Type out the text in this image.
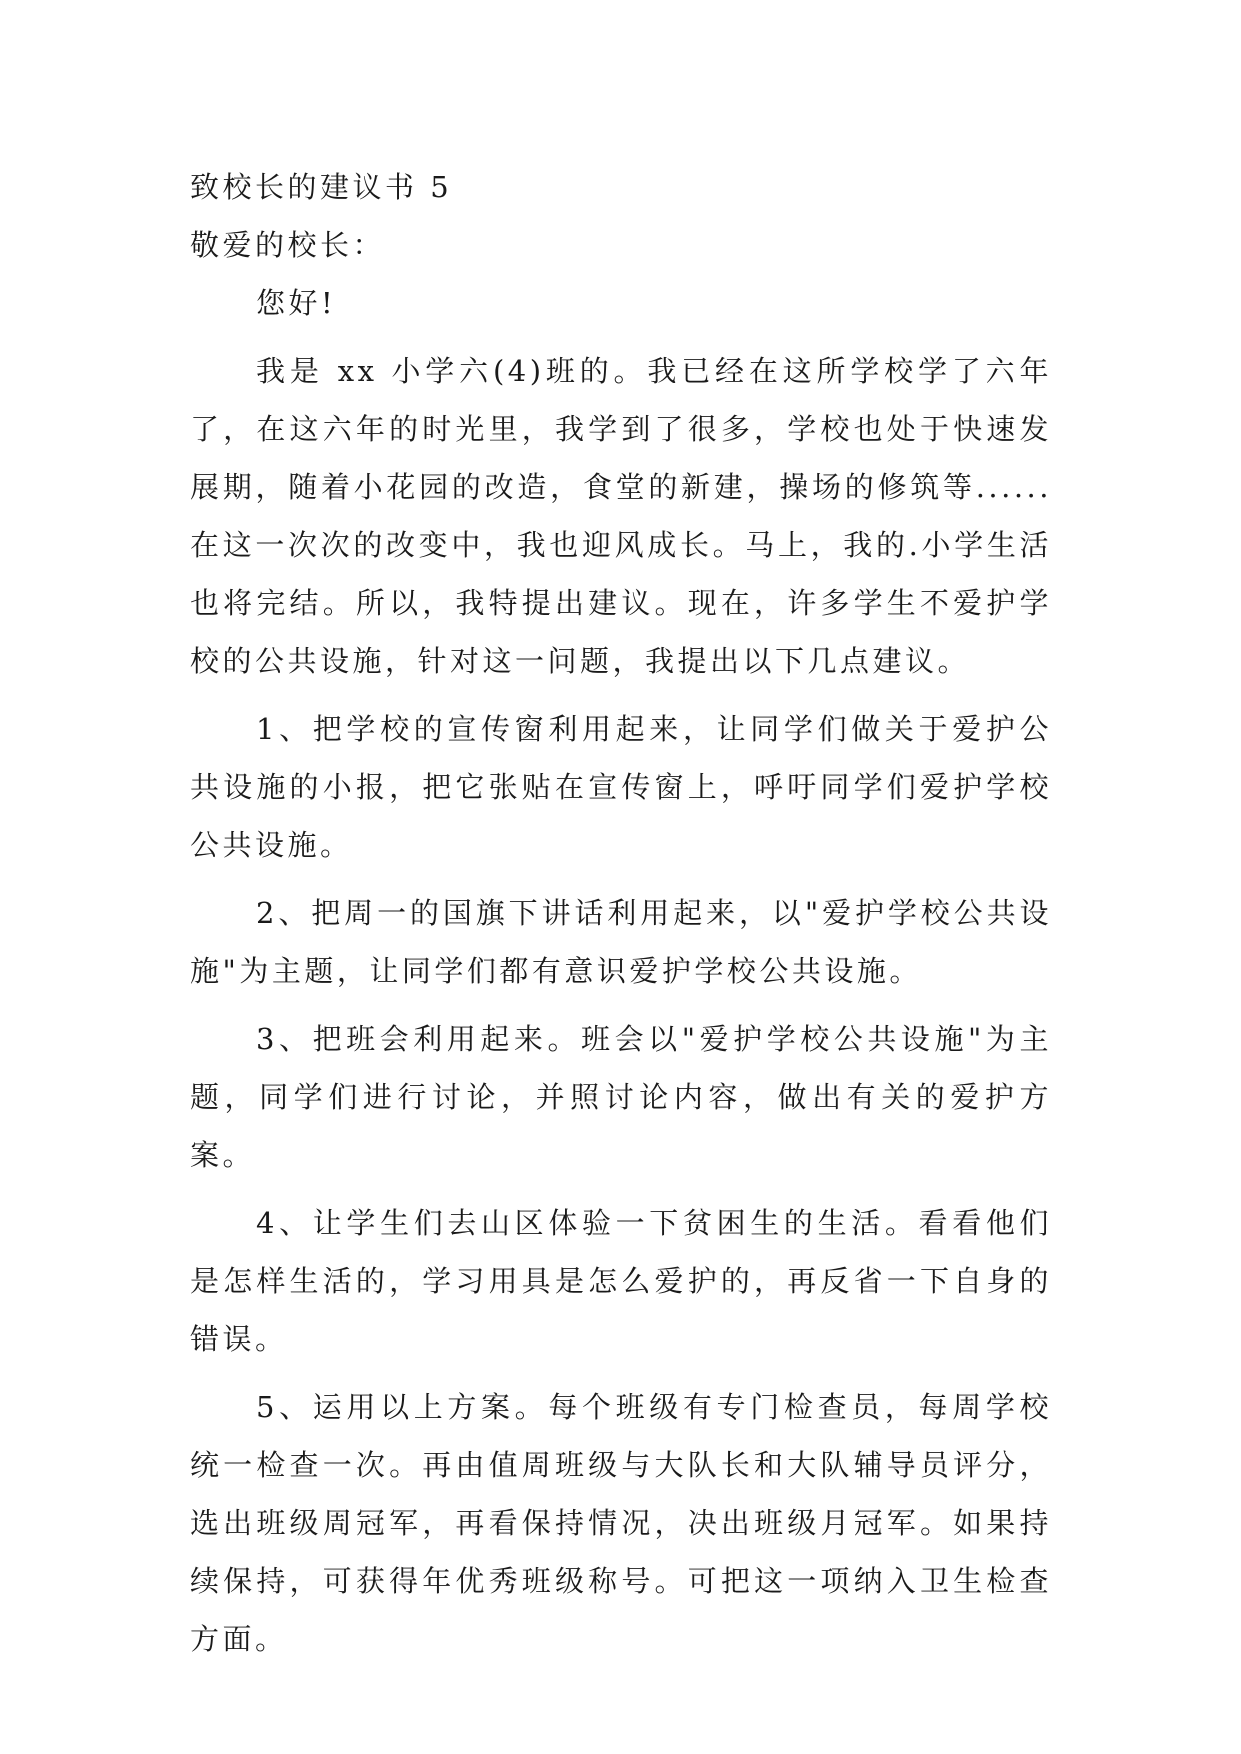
致校长的建议书 5

敬爱的校长：

您好!

我是 xx 小学六(4)班的。我已经在这所学校学了六年了，在这六年的时光里，我学到了很多，学校也处于快速发展期，随着小花园的改造，食堂的新建，操场的修筑等......在这一次次的改变中，我也迎风成长。马上，我的.小学生活也将完结。所以，我特提出建议。现在，许多学生不爱护学校的公共设施，针对这一问题，我提出以下几点建议。

1、把学校的宣传窗利用起来，让同学们做关于爱护公共设施的小报，把它张贴在宣传窗上，呼吁同学们爱护学校公共设施。

2、把周一的国旗下讲话利用起来，以"爱护学校公共设施"为主题，让同学们都有意识爱护学校公共设施。

3、把班会利用起来。班会以"爱护学校公共设施"为主题，同学们进行讨论，并照讨论内容，做出有关的爱护方案。

4、让学生们去山区体验一下贫困生的生活。看看他们是怎样生活的，学习用具是怎么爱护的，再反省一下自身的错误。

5、运用以上方案。每个班级有专门检查员，每周学校统一检查一次。再由值周班级与大队长和大队辅导员评分，选出班级周冠军，再看保持情况，决出班级月冠军。如果持续保持，可获得年优秀班级称号。可把这一项纳入卫生检查方面。
